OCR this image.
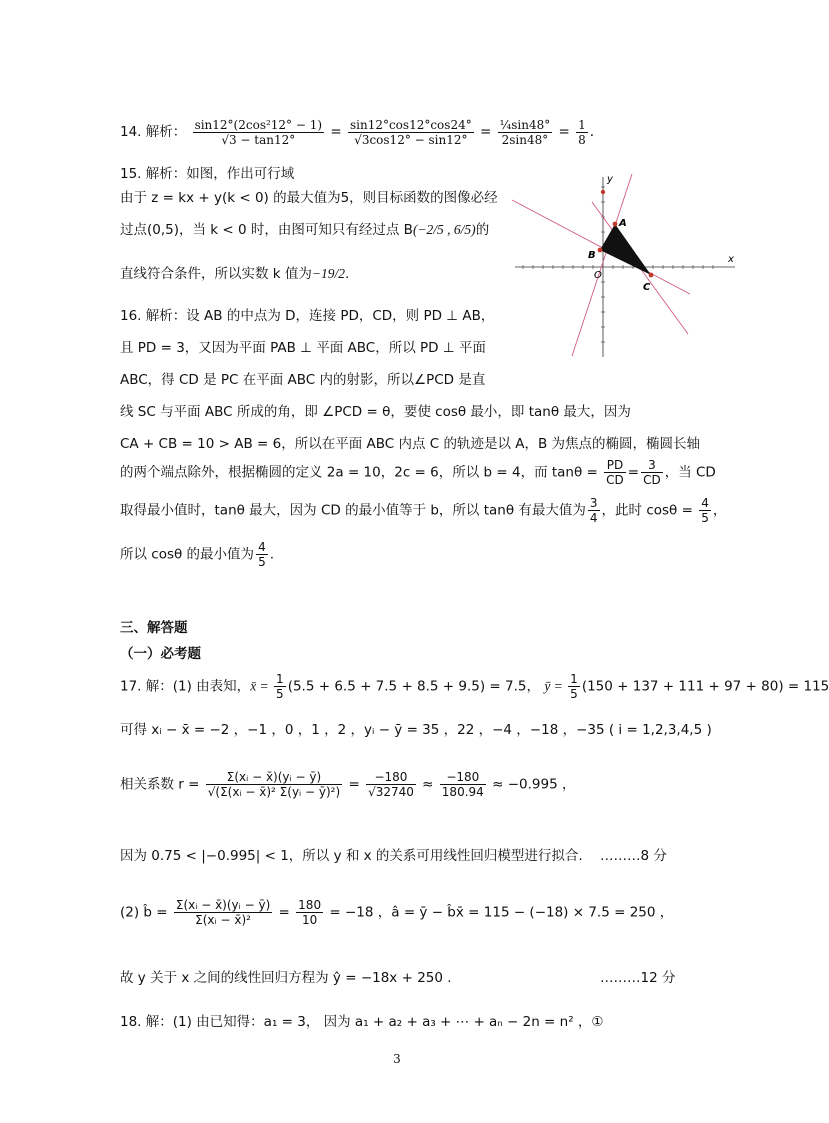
14. 解析： $\frac{\text{sin12°(2cos²12° − 1)}}{√3 - \tan 12^\circ} = \frac{\sin 12^\circ\cos 12^\circ\cos 24^\circ}{√3\cos 12^\circ - \sin 12^\circ} = \frac{\text{¼sin48°}}{2\sin 48^\circ} = \frac{1}{8}$ .
15. 解析：如图，作出可行域
由于 z = kx + y(k < 0) 的最大值为5，则目标函数的图像必经
过点(0,5)，当 k < 0 时，由图可知只有经过点 B(−2/5 , 6/5)的
直线符合条件，所以实数 k 值为−19/2.
16. 解析：设 AB 的中点为 D，连接 PD，CD，则 PD ⊥ AB，
且 PD = 3，又因为平面 PAB ⊥ 平面 ABC，所以 PD ⊥ 平面
ABC，得 CD 是 PC 在平面 ABC 内的射影，所以∠PCD 是直
线 SC 与平面 ABC 所成的角，即 ∠PCD = θ，要使 cosθ 最小，即 tanθ 最大，因为
CA + CB = 10 > AB = 6，所以在平面 ABC 内点 C 的轨迹是以 A，B 为焦点的椭圆，椭圆长轴
的两个端点除外，根据椭圆的定义 2a = 10，2c = 6，所以 b = 4，而 $\tan\theta = \frac{PD}{CD} = \frac{3}{CD}$ ，当 CD
取得最小值时，tanθ 最大，因为 CD 的最小值等于 b，所以 tanθ 有最大值为 $\frac{3}{4}$ ，此时 $\cos\theta = \frac{4}{5}$ ，
所以 cosθ 的最小值为 $\frac{4}{5}$ .
三、解答题
（一）必考题
17. 解：(1) 由表知，x̄ = $\frac{1}{5} (5.5 + 6.5 + 7.5 + 8.5 + 9.5) = 7.5$， ȳ = $\frac{1}{5} (150 + 137 + 111 + 97 + 80) = 115$
可得 xᵢ − x̄ = −2 ，−1 ，0 ，1 ，2 ，yᵢ − ȳ = 35 ，22 ，−4 ，−18 ，−35 ( i = 1,2,3,4,5 )
相关系数 $r = \frac{\text{Σ(xᵢ − x̄)(yᵢ − ȳ)}}{\text{√(Σ(xᵢ − x̄)² Σ(yᵢ − ȳ)²)}} = \frac{-180}{√32740} \approx \frac{-180}{180.94} \approx -0.995$ ，
因为 0.75 < |−0.995| < 1，所以 y 和 x 的关系可用线性回归模型进行拟合. ………8 分
(2) b̂ = $\frac{\text{Σ(xᵢ − x̄)(yᵢ − ȳ)}}{\text{Σ(xᵢ − x̄)²}} = \frac{180}{10} = -18$ ，â = ȳ − b̂x̄ = 115 − (−18) × 7.5 = 250 ，
故 y 关于 x 之间的线性回归方程为 ŷ = −18x + 250 .	………12 分
18. 解：(1) 由已知得：a₁ = 3， 因为 a₁ + a₂ + a₃ + ⋯ + aₙ − 2n = n² ，①
x
y
O
A
B
C
3
